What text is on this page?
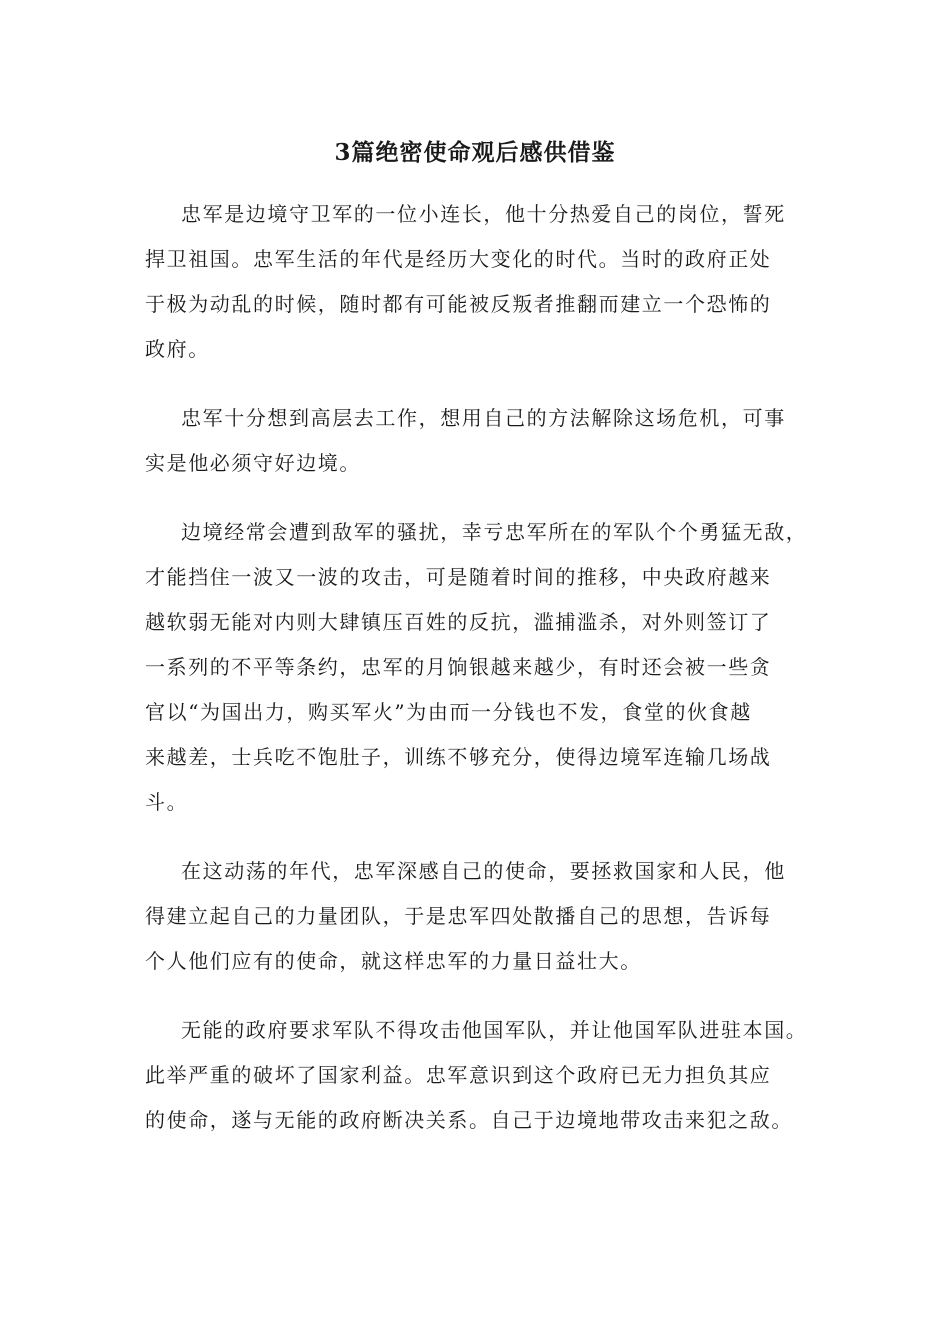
3篇绝密使命观后感供借鉴
忠军是边境守卫军的一位小连长，他十分热爱自己的岗位，誓死
捍卫祖国。忠军生活的年代是经历大变化的时代。当时的政府正处
于极为动乱的时候，随时都有可能被反叛者推翻而建立一个恐怖的
政府。
忠军十分想到高层去工作，想用自己的方法解除这场危机，可事
实是他必须守好边境。
边境经常会遭到敌军的骚扰，幸亏忠军所在的军队个个勇猛无敌，
才能挡住一波又一波的攻击，可是随着时间的推移，中央政府越来
越软弱无能对内则大肆镇压百姓的反抗，滥捕滥杀，对外则签订了
一系列的不平等条约，忠军的月饷银越来越少，有时还会被一些贪
官以“为国出力，购买军火”为由而一分钱也不发，食堂的伙食越
来越差，士兵吃不饱肚子，训练不够充分，使得边境军连输几场战
斗。
在这动荡的年代，忠军深感自己的使命，要拯救国家和人民，他
得建立起自己的力量团队，于是忠军四处散播自己的思想，告诉每
个人他们应有的使命，就这样忠军的力量日益壮大。
无能的政府要求军队不得攻击他国军队，并让他国军队进驻本国。
此举严重的破坏了国家利益。忠军意识到这个政府已无力担负其应
的使命，遂与无能的政府断决关系。自己于边境地带攻击来犯之敌。
